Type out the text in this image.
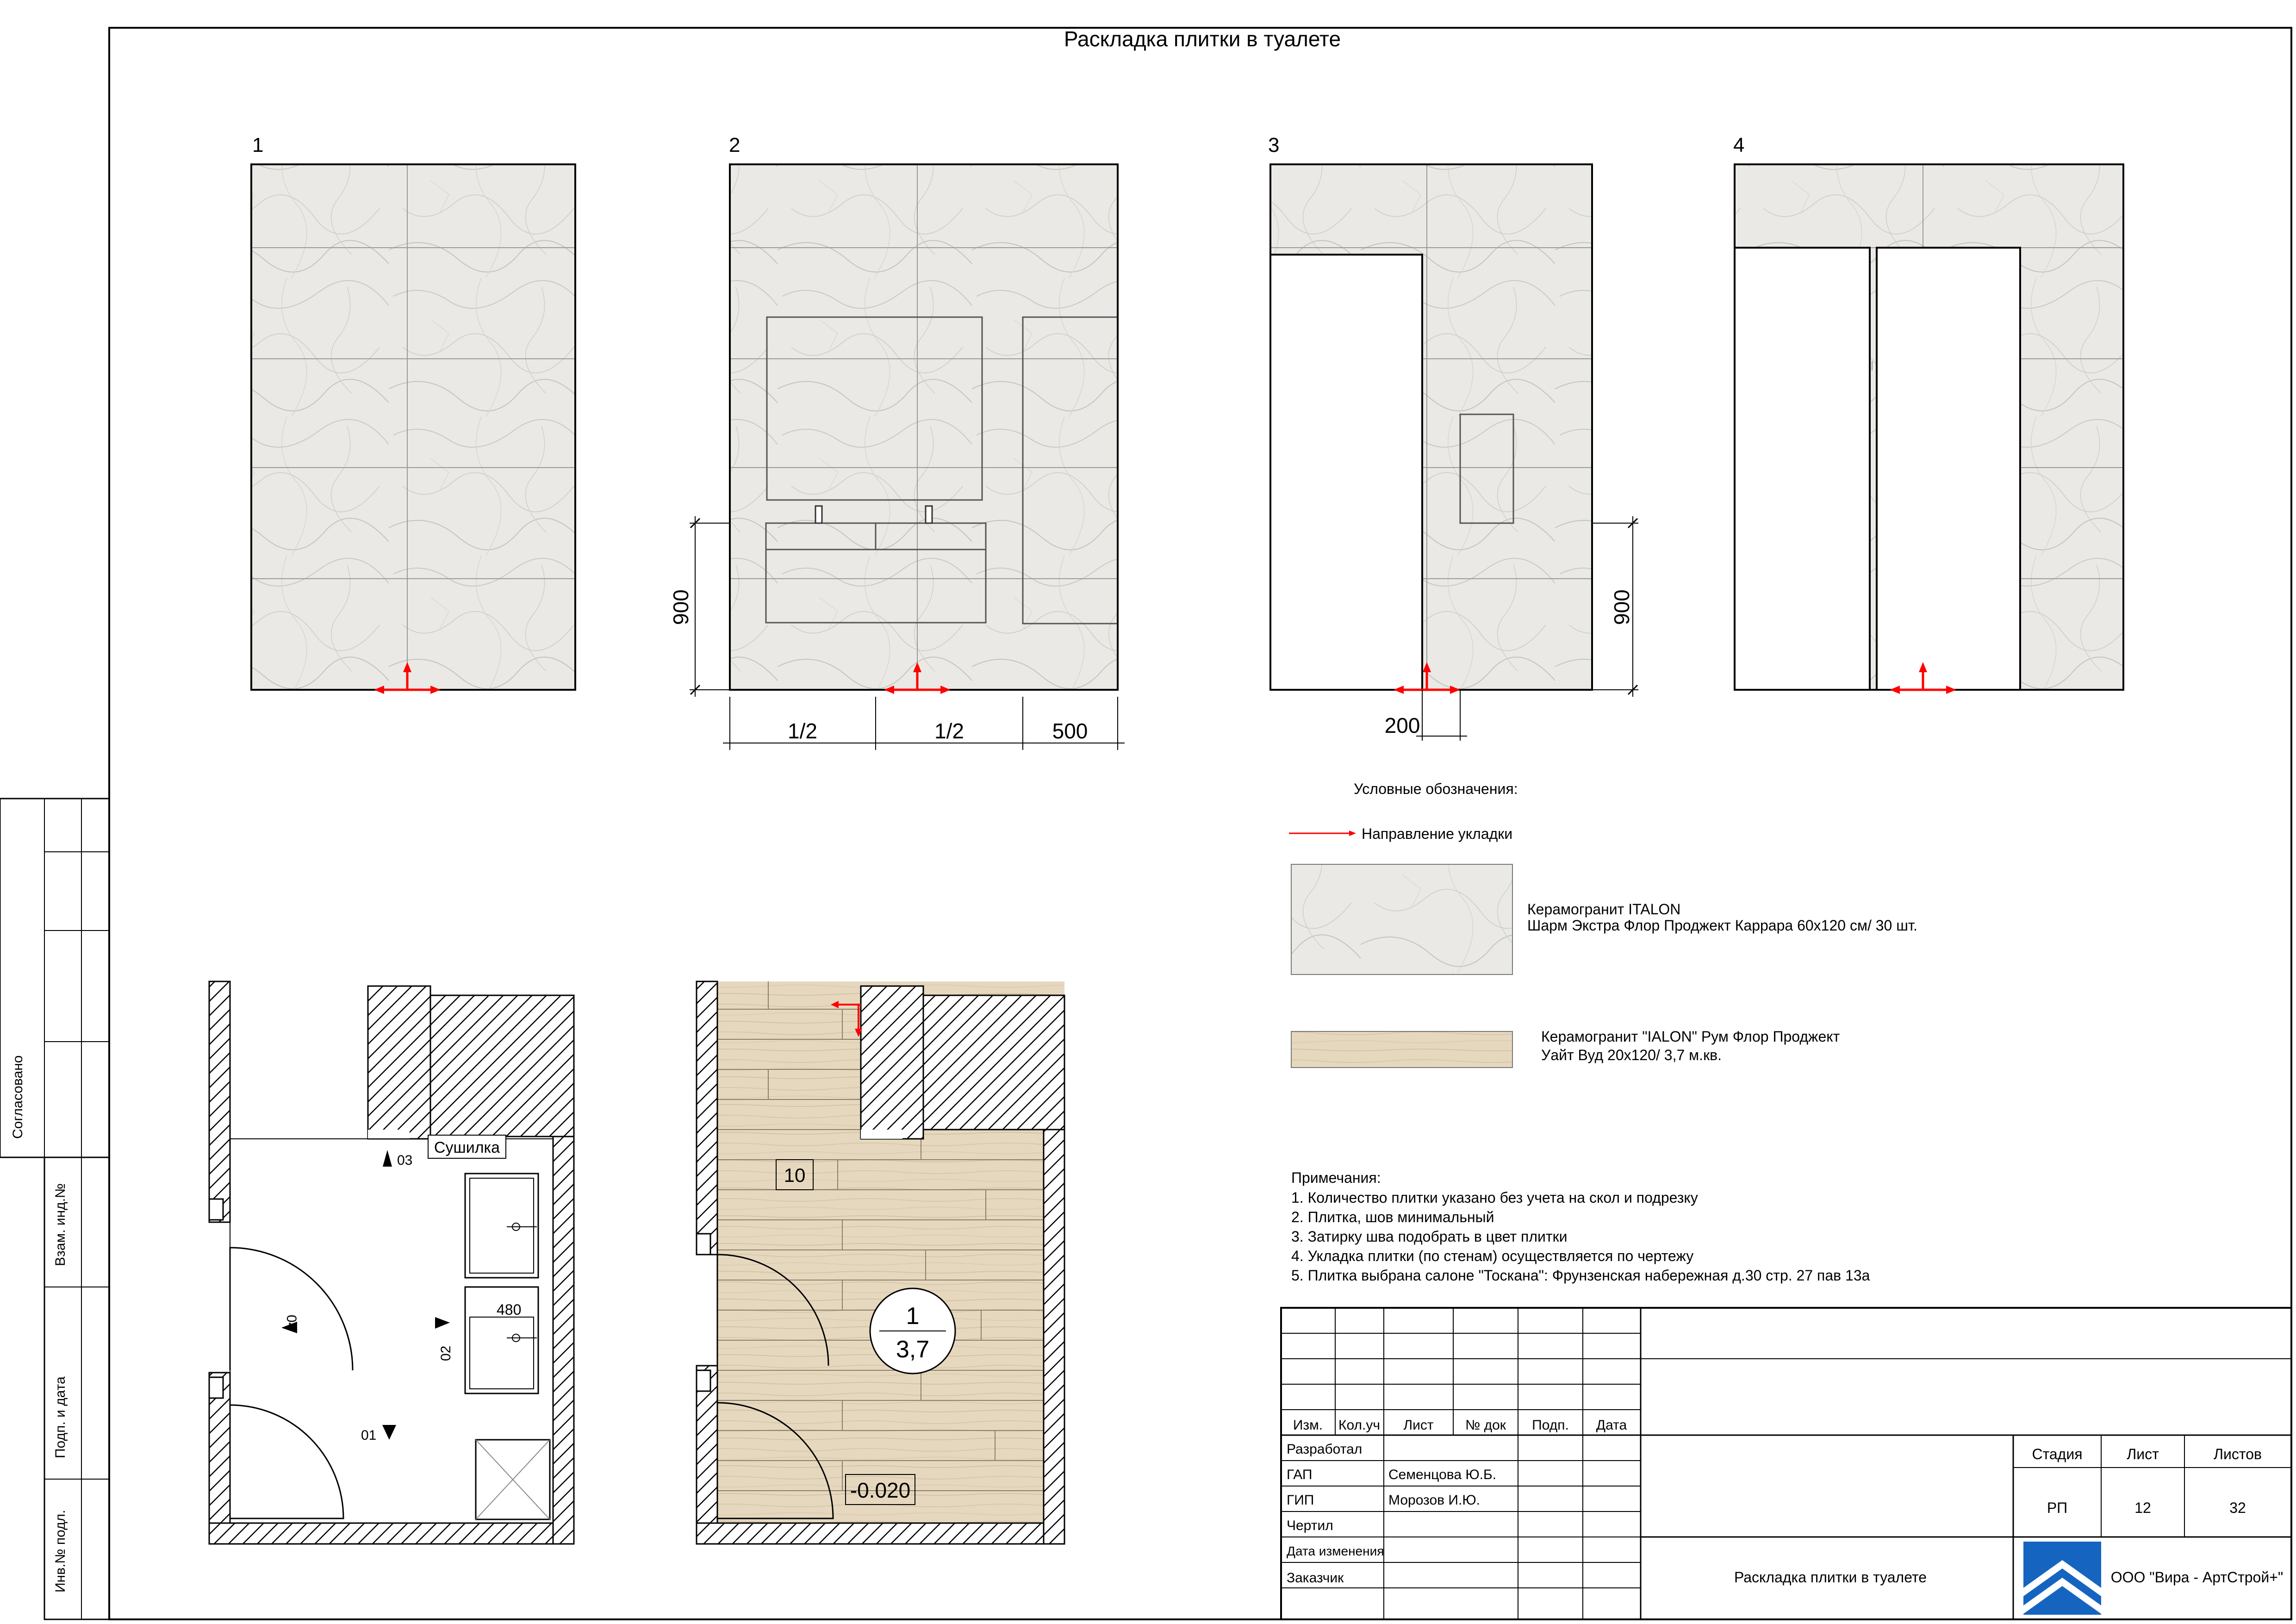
Раскладка плитки в туалете
Согласовано
Взам. инд.№
Подп. и дата
Инв.№ подл.
1	2
900
1/2	1/2	500
3
900
200
4
Условные обозначения:
Направление укладки
Керамогранит ITALON
Шарм Экстра Флор Проджект Каррара 60x120 см/ 30 шт.
Керамогранит "IALON" Рум Флор Проджект
Уайт Вуд 20x120/ 3,7 м.кв.
Примечания:
1. Количество плитки указано без учета на скол и подрезку
2. Плитка, шов минимальный
3. Затирку шва подобрать в цвет плитки
4. Укладка плитки (по стенам) осуществляется по чертежу
5. Плитка выбрана салоне "Тоскана": Фрунзенская набережная д.30 стр. 27 пав 13а
Сушилка
480
03
02
04
01
10
1
3,7
-0.020
Изм. Кол.уч Лист № док Подп. Дата
Разработал
ГАП	Семенцова Ю.Б.
ГИП	Морозов И.Ю.
Чертил
Дата изменения
Заказчик
Стадия	Лист	Листов
РП	12	32
Раскладка плитки в туалете	ООО "Вира - АртСтрой+"
